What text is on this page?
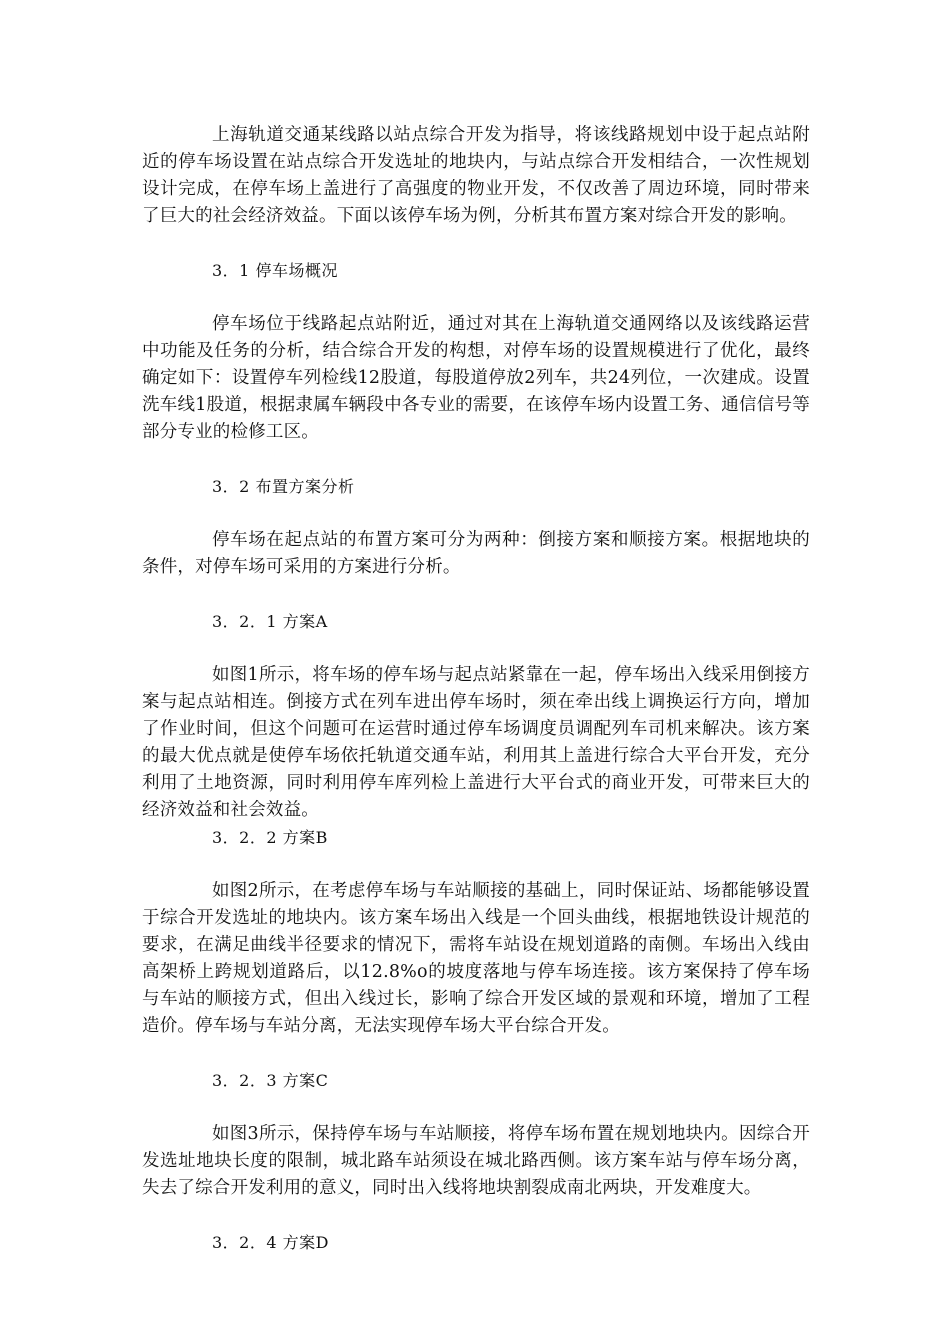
上海轨道交通某线路以站点综合开发为指导，将该线路规划中设于起点站附近的停车场设置在站点综合开发选址的地块内，与站点综合开发相结合，一次性规划设计完成，在停车场上盖进行了高强度的物业开发，不仅改善了周边环境，同时带来了巨大的社会经济效益。下面以该停车场为例，分析其布置方案对综合开发的影响。

3．1 停车场概况

停车场位于线路起点站附近，通过对其在上海轨道交通网络以及该线路运营中功能及任务的分析，结合综合开发的构想，对停车场的设置规模进行了优化，最终确定如下：设置停车列检线12股道，每股道停放2列车，共24列位，一次建成。设置洗车线1股道，根据隶属车辆段中各专业的需要，在该停车场内设置工务、通信信号等部分专业的检修工区。

3．2 布置方案分析

停车场在起点站的布置方案可分为两种：倒接方案和顺接方案。根据地块的条件，对停车场可采用的方案进行分析。

3．2．1 方案A

如图1所示，将车场的停车场与起点站紧靠在一起，停车场出入线采用倒接方案与起点站相连。倒接方式在列车进出停车场时，须在牵出线上调换运行方向，增加了作业时间，但这个问题可在运营时通过停车场调度员调配列车司机来解决。该方案的最大优点就是使停车场依托轨道交通车站，利用其上盖进行综合大平台开发，充分利用了土地资源，同时利用停车库列检上盖进行大平台式的商业开发，可带来巨大的经济效益和社会效益。

3．2．2 方案B

如图2所示，在考虑停车场与车站顺接的基础上，同时保证站、场都能够设置于综合开发选址的地块内。该方案车场出入线是一个回头曲线，根据地铁设计规范的要求，在满足曲线半径要求的情况下，需将车站设在规划道路的南侧。车场出入线由高架桥上跨规划道路后，以12.8%o的坡度落地与停车场连接。该方案保持了停车场与车站的顺接方式，但出入线过长，影响了综合开发区域的景观和环境，增加了工程造价。停车场与车站分离，无法实现停车场大平台综合开发。

3．2．3 方案C

如图3所示，保持停车场与车站顺接，将停车场布置在规划地块内。因综合开发选址地块长度的限制，城北路车站须设在城北路西侧。该方案车站与停车场分离，失去了综合开发利用的意义，同时出入线将地块割裂成南北两块，开发难度大。

3．2．4 方案D
